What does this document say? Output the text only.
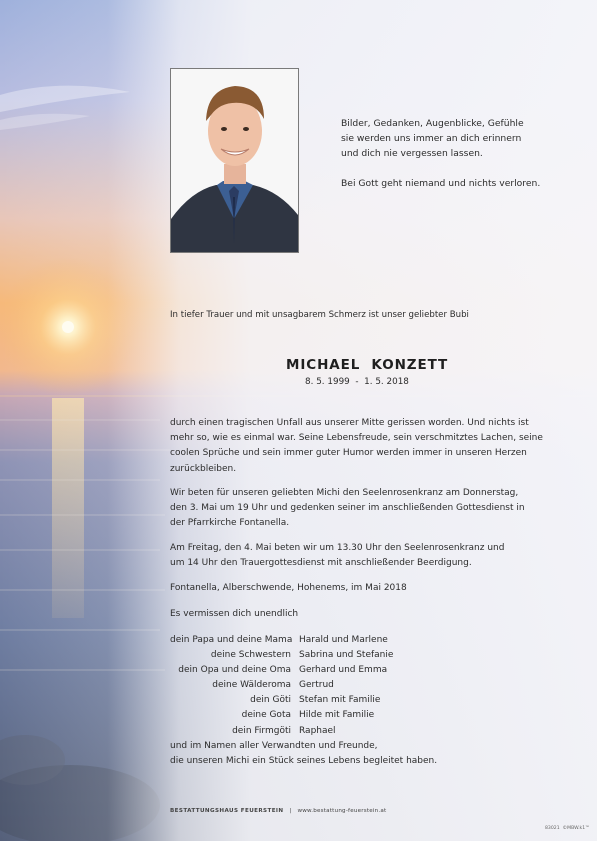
Bilder, Gedanken, Augenblicke, Gefühle
sie werden uns immer an dich erinnern
und dich nie vergessen lassen.
Bei Gott geht niemand und nichts verloren.
In tiefer Trauer und mit unsagbarem Schmerz ist unser geliebter Bubi
MICHAEL  KONZETT
8. 5. 1999  -  1. 5. 2018
durch einen tragischen Unfall aus unserer Mitte gerissen worden. Und nichts ist
mehr so, wie es einmal war. Seine Lebensfreude, sein verschmitztes Lachen, seine
coolen Sprüche und sein immer guter Humor werden immer in unseren Herzen
zurückbleiben.
Wir beten für unseren geliebten Michi den Seelenrosenkranz am Donnerstag,
den 3. Mai um 19 Uhr und gedenken seiner im anschließenden Gottesdienst in
der Pfarrkirche Fontanella.
Am Freitag, den 4. Mai beten wir um 13.30 Uhr den Seelenrosenkranz und
um 14 Uhr den Trauergottesdienst mit anschließender Beerdigung.
Fontanella, Alberschwende, Hohenems, im Mai 2018
Es vermissen dich unendlich
dein Papa und deine Mama Harald und Marlene
deine Schwestern Sabrina und Stefanie
dein Opa und deine Oma Gerhard und Emma
deine Wälderoma Gertrud
dein Göti Stefan mit Familie
deine Gota Hilde mit Familie
dein Firmgöti Raphael
und im Namen aller Verwandten und Freunde,
die unseren Michi ein Stück seines Lebens begleitet haben.
BESTATTUNGSHAUS FEUERSTEIN | www.bestattung-feuerstein.at
83021  ©MBW.k1™
